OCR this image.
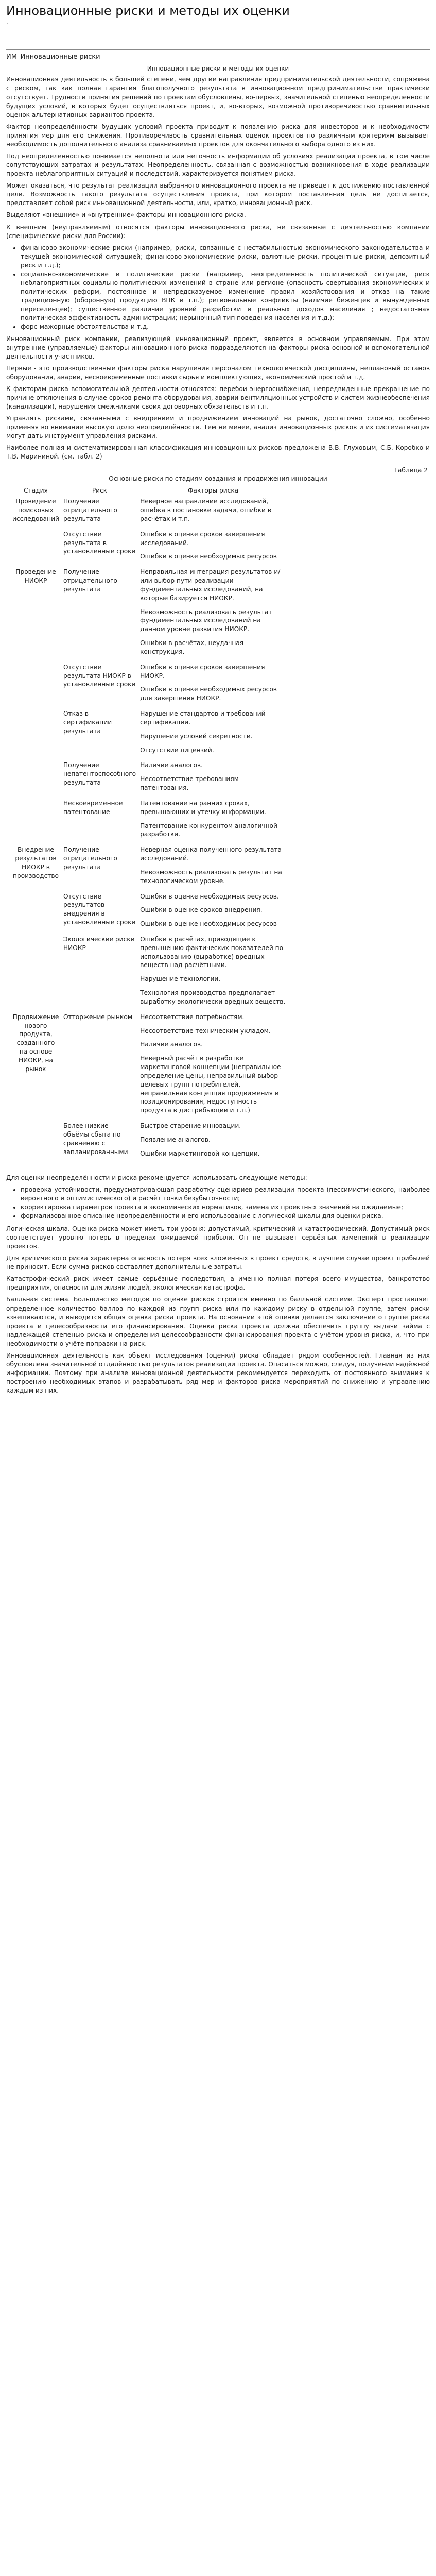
Инновационные риски и методы их оценки
.
ИМ_Инновационные риски
Инновационные риски и методы их оценки

Инновационная деятельность в большей степени, чем другие направления предпринимательской деятельности, сопряжена с риском, так как полная гарантия благополучного результата в инновационном предпринимательстве практически отсутствует. Трудности принятия решений по проектам обусловлены, во-первых, значительной степенью неопределенности будущих условий, в которых будет осуществляться проект, и, во-вторых, возможной противоречивостью сравнительных оценок альтернативных вариантов проекта.

Фактор неопределённости будущих условий проекта приводит к появлению риска для инвесторов и к необходимости принятия мер для его снижения. Противоречивость сравнительных оценок проектов по различным критериям вызывает необходимость дополнительного анализа сравниваемых проектов для окончательного выбора одного из них.

Под неопределенностью понимается неполнота или неточность информации об условиях реализации проекта, в том числе сопутствующих затратах и результатах. Неопределенность, связанная с возможностью возникновения в ходе реализации проекта неблагоприятных ситуаций и последствий, характеризуется понятием риска.

Может оказаться, что результат реализации выбранного инновационного проекта не приведет к достижению поставленной цели. Возможность такого результата осуществления проекта, при котором поставленная цель не достигается, представляет собой риск инновационной деятельности, или, кратко, инновационный риск.

Выделяют «внешние» и «внутренние» факторы инновационного риска.

К внешним (неуправляемым) относятся факторы инновационного риска, не связанные с деятельностью компании (специфические риски для России):

• финансово-экономические риски (например, риски, связанные с нестабильностью экономического законодательства и текущей экономической ситуацией; финансово-экономические риски, валютные риски, процентные риски, депозитный риск и т.д.);
• социально-экономические и политические риски (например, неопределенность политической ситуации, риск неблагоприятных социально-политических изменений в стране или регионе (опасность свертывания экономических и политических реформ, постоянное и непредсказуемое изменение правил хозяйствования и отказ на такие традиционную (оборонную) продукцию ВПК и т.п.); региональные конфликты (наличие беженцев и вынужденных переселенцев); существенное различие уровней разработки и реальных доходов населения ; недостаточная политическая эффективность администрации; нерыночный тип поведения населения и т.д.);
• форс-мажорные обстоятельства и т.д.

Инновационный риск компании, реализующей инновационный проект, является в основном управляемым. При этом внутренние (управляемые) факторы инновационного риска подразделяются на факторы риска основной и вспомогательной деятельности участников.

Первые - это производственные факторы риска нарушения персоналом технологической дисциплины, неплановый останов оборудования, аварии, несвоевременные поставки сырья и комплектующих, экономический простой и т.д.

К факторам риска вспомогательной деятельности относятся: перебои энергоснабжения, непредвиденные прекращение по причине отключения в случае сроков ремонта оборудования, аварии вентиляционных устройств и систем жизнеобеспечения (канализации), нарушения смежниками своих договорных обязательств и т.п.

Управлять рисками, связанными с внедрением и продвижением инноваций на рынок, достаточно сложно, особенно применяя во внимание высокую долю неопределённости. Тем не менее, анализ инновационных рисков и их систематизация могут дать инструмент управления рисками.

Наиболее полная и систематизированная классификация инновационных рисков предложена В.В. Глуховым, С.Б. Коробко и Т.В. Марининой. (см. табл. 2)

Таблица 2
Основные риски по стадиям создания и продвижения инновации
Стадия	Риск	Факторы риска
Проведение поисковых исследований	Получение отрицательного результата	Неверное направление исследований, ошибка в постановке задачи, ошибки в расчётах и т.п.

	Отсутствие результата в установленные сроки	Ошибки в оценке сроков завершения исследований.
Ошибки в оценке необходимых ресурсов

Проведение НИОКР	Получение отрицательного результата	Неправильная интеграция результатов и/или выбор пути реализации фундаментальных исследований, на которые базируется НИОКР.
Невозможность реализовать результат фундаментальных исследований на данном уровне развития НИОКР.
Ошибки в расчётах, неудачная конструкция.

	Отсутствие результата НИОКР в установленные сроки	Ошибки в оценке сроков завершения НИОКР.
Ошибки в оценке необходимых ресурсов для завершения НИОКР.

	Отказ в сертификации результата	Нарушение стандартов и требований сертификации.
Нарушение условий секретности.
Отсутствие лицензий.

	Получение непатентоспособного результата	Наличие аналогов.
Несоответствие требованиям патентования.

	Несвоевременное патентование	Патентование на ранних сроках, превышающих и утечку информации.
Патентование конкурентом аналогичной разработки.

Внедрение результатов НИОКР в производство	Получение отрицательного результата	Неверная оценка полученного результата исследований.
Невозможность реализовать результат на технологическом уровне.

	Отсутствие результатов внедрения в установленные сроки	Ошибки в оценке необходимых ресурсов.
Ошибки в оценке сроков внедрения.
Ошибки в оценке необходимых ресурсов

	Экологические риски НИОКР	Ошибки в расчётах, приводящие к превышению фактических показателей по использованию (выработке) вредных веществ над расчётными.
Нарушение технологии.
Технология производства предполагает выработку экологически вредных веществ.

Продвижение нового продукта, созданного на основе НИОКР, на рынок	Отторжение рынком	Несоответствие потребностям.
Несоответствие техническим укладом.
Наличие аналогов.
Неверный расчёт в разработке маркетинговой концепции (неправильное определение цены, неправильный выбор целевых групп потребителей, неправильная концепция продвижения и позиционирования, недоступность продукта в дистрибьюции и т.п.)

	Более низкие объёмы сбыта по сравнению с запланированными	Быстрое старение инновации.
Появление аналогов.
Ошибки маркетинговой концепции.

Для оценки неопределённости и риска рекомендуется использовать следующие методы:

• проверка устойчивости, предусматривающая разработку сценариев реализации проекта (пессимистического, наиболее вероятного и оптимистического) и расчёт точки безубыточности;
• корректировка параметров проекта и экономических нормативов, замена их проектных значений на ожидаемые;
• формализованное описание неопределённости и его использование с логической шкалы для оценки риска.

Логическая шкала. Оценка риска может иметь три уровня: допустимый, критический и катастрофический. Допустимый риск соответствует уровню потерь в пределах ожидаемой прибыли. Он не вызывает серьёзных изменений в реализации проектов.

Для критического риска характерна опасность потеря всех вложенных в проект средств, в лучшем случае проект прибылей не приносит. Если сумма рисков составляет дополнительные затраты.

Катастрофический риск имеет самые серьёзные последствия, а именно полная потеря всего имущества, банкротство предприятия, опасности для жизни людей, экологическая катастрофа.

Балльная система. Большинство методов по оценке рисков строится именно по балльной системе. Эксперт проставляет определенное количество баллов по каждой из групп риска или по каждому риску в отдельной группе, затем риски взвешиваются, и выводится общая оценка риска проекта. На основании этой оценки делается заключение о группе риска проекта и целесообразности его финансирования. Оценка риска проекта должна обеспечить группу выдачи займа с надлежащей степенью риска и определения целесообразности финансирования проекта с учётом уровня риска, и, что при необходимости о учёте поправки на риск.

Инновационная деятельность как объект исследования (оценки) риска обладает рядом особенностей. Главная из них обусловлена значительной отдалённостью результатов реализации проекта. Опасаться можно, следуя, получении надёжной информации. Поэтому при анализе инновационной деятельности рекомендуется переходить от постоянного внимания к построению необходимых этапов и разрабатывать ряд мер и факторов риска мероприятий по снижению и управлению каждым из них.
